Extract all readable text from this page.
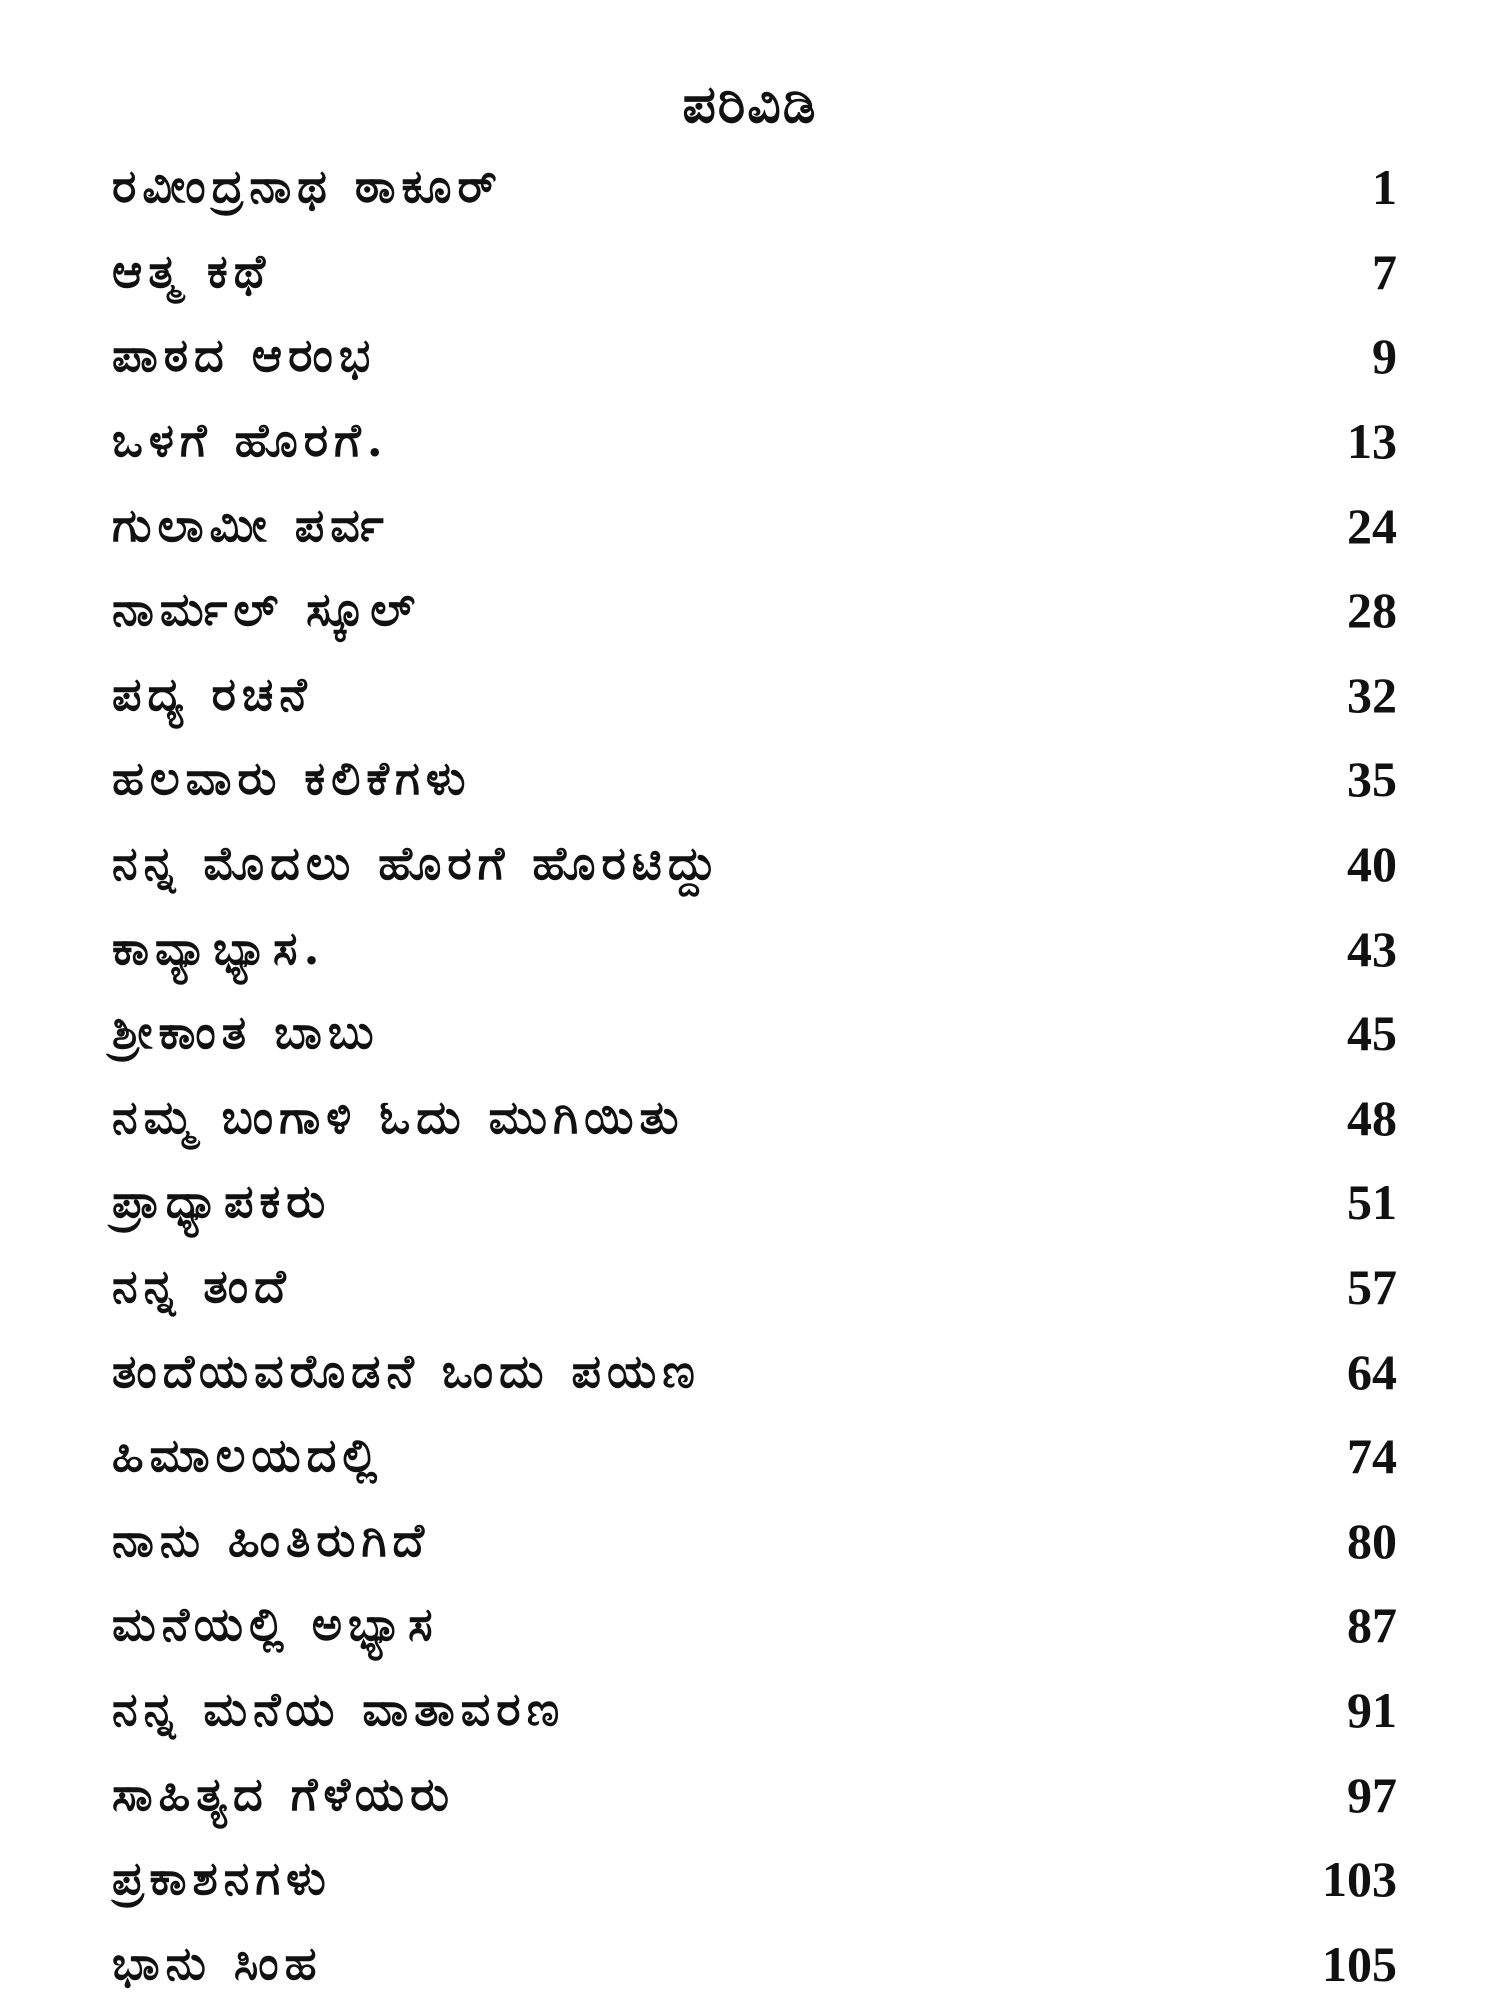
ಪರಿವಿಡಿ
ರವೀಂದ್ರನಾಥ ಠಾಕೂರ್	1
ಆತ್ಮ ಕಥೆ	7
ಪಾಠದ ಆರಂಭ	9
ಒಳಗೆ ಹೊರಗೆ.	13
ಗುಲಾಮೀ ಪರ್ವ	24
ನಾರ್ಮಲ್ ಸ್ಕೂಲ್	28
ಪದ್ಯ ರಚನೆ	32
ಹಲವಾರು ಕಲಿಕೆಗಳು	35
ನನ್ನ ಮೊದಲು ಹೊರಗೆ ಹೊರಟಿದ್ದು	40
ಕಾವ್ಯಾಭ್ಯಾಸ.	43
ಶ್ರೀಕಾಂತ ಬಾಬು	45
ನಮ್ಮ ಬಂಗಾಳಿ ಓದು ಮುಗಿಯಿತು	48
ಪ್ರಾಧ್ಯಾಪಕರು	51
ನನ್ನ ತಂದೆ	57
ತಂದೆಯವರೊಡನೆ ಒಂದು ಪಯಣ	64
ಹಿಮಾಲಯದಲ್ಲಿ	74
ನಾನು ಹಿಂತಿರುಗಿದೆ	80
ಮನೆಯಲ್ಲಿ ಅಭ್ಯಾಸ	87
ನನ್ನ ಮನೆಯ ವಾತಾವರಣ	91
ಸಾಹಿತ್ಯದ ಗೆಳೆಯರು	97
ಪ್ರಕಾಶನಗಳು	103
ಭಾನು ಸಿಂಹ	105
